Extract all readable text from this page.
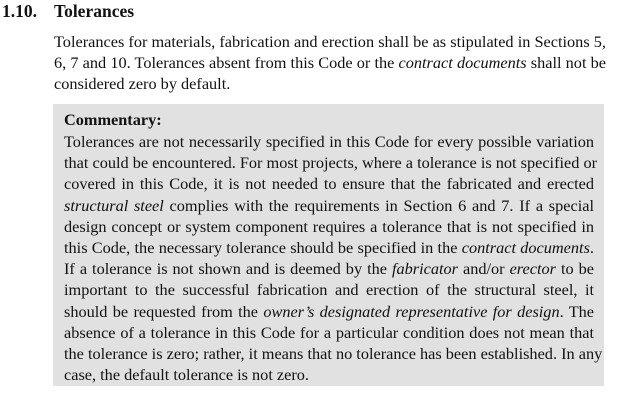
1.10. Tolerances
Tolerances for materials, fabrication and erection shall be as stipulated in Sections 5,
6, 7 and 10. Tolerances absent from this Code or the contract documents shall not be
considered zero by default.
Commentary:
Tolerances are not necessarily specified in this Code for every possible variation
that could be encountered. For most projects, where a tolerance is not specified or
covered in this Code, it is not needed to ensure that the fabricated and erected
structural steel complies with the requirements in Section 6 and 7. If a special
design concept or system component requires a tolerance that is not specified in
this Code, the necessary tolerance should be specified in the contract documents.
If a tolerance is not shown and is deemed by the fabricator and/or erector to be
important to the successful fabrication and erection of the structural steel, it
should be requested from the owner’s designated representative for design. The
absence of a tolerance in this Code for a particular condition does not mean that
the tolerance is zero; rather, it means that no tolerance has been established. In any
case, the default tolerance is not zero.
